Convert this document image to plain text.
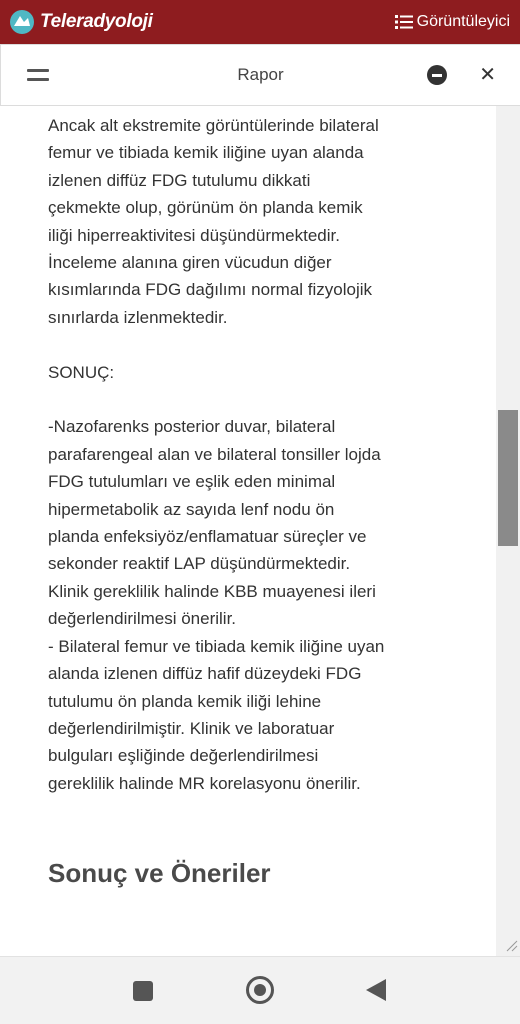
Teleradyoloji	Görüntüleyici
Rapor	✕
Ancak alt ekstremite görüntülerinde bilateral
femur ve tibiada kemik iliğine uyan alanda
izlenen diffüz FDG tutulumu dikkati
çekmekte olup, görünüm ön planda kemik
iliği hiperreaktivitesi düşündürmektedir.
İnceleme alanına giren vücudun diğer
kısımlarında FDG dağılımı normal fizyolojik
sınırlarda izlenmektedir.
SONUÇ:
-Nazofarenks posterior duvar, bilateral
parafarengeal alan ve bilateral tonsiller lojda
FDG tutulumları ve eşlik eden minimal
hipermetabolik az sayıda lenf nodu ön
planda enfeksiyöz/enflamatuar süreçler ve
sekonder reaktif LAP düşündürmektedir.
Klinik gereklilik halinde KBB muayenesi ileri
değerlendirilmesi önerilir.
- Bilateral femur ve tibiada kemik iliğine uyan
alanda izlenen diffüz hafif düzeydeki FDG
tutulumu ön planda kemik iliği lehine
değerlendirilmiştir. Klinik ve laboratuar
bulguları eşliğinde değerlendirilmesi
gereklilik halinde MR korelasyonu önerilir.
Sonuç ve Öneriler
